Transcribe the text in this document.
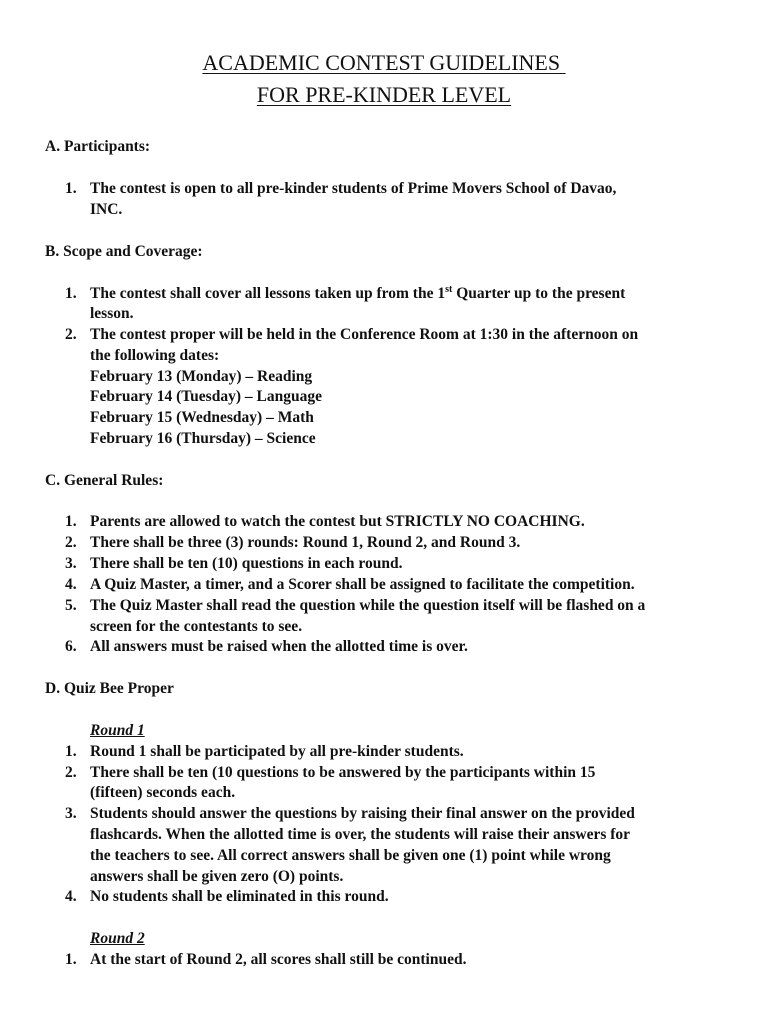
ACADEMIC CONTEST GUIDELINES
FOR PRE-KINDER LEVEL
A. Participants:
1. The contest is open to all pre-kinder students of Prime Movers School of Davao,
INC.
B. Scope and Coverage:
1. The contest shall cover all lessons taken up from the 1st Quarter up to the present
lesson.
2. The contest proper will be held in the Conference Room at 1:30 in the afternoon on
the following dates:
February 13 (Monday) – Reading
February 14 (Tuesday) – Language
February 15 (Wednesday) – Math
February 16 (Thursday) – Science
C. General Rules:
1. Parents are allowed to watch the contest but STRICTLY NO COACHING.
2. There shall be three (3) rounds: Round 1, Round 2, and Round 3.
3. There shall be ten (10) questions in each round.
4. A Quiz Master, a timer, and a Scorer shall be assigned to facilitate the competition.
5. The Quiz Master shall read the question while the question itself will be flashed on a
screen for the contestants to see.
6. All answers must be raised when the allotted time is over.
D. Quiz Bee Proper
Round 1
1. Round 1 shall be participated by all pre-kinder students.
2. There shall be ten (10 questions to be answered by the participants within 15
(fifteen) seconds each.
3. Students should answer the questions by raising their final answer on the provided
flashcards. When the allotted time is over, the students will raise their answers for
the teachers to see. All correct answers shall be given one (1) point while wrong
answers shall be given zero (O) points.
4. No students shall be eliminated in this round.
Round 2
1. At the start of Round 2, all scores shall still be continued.
